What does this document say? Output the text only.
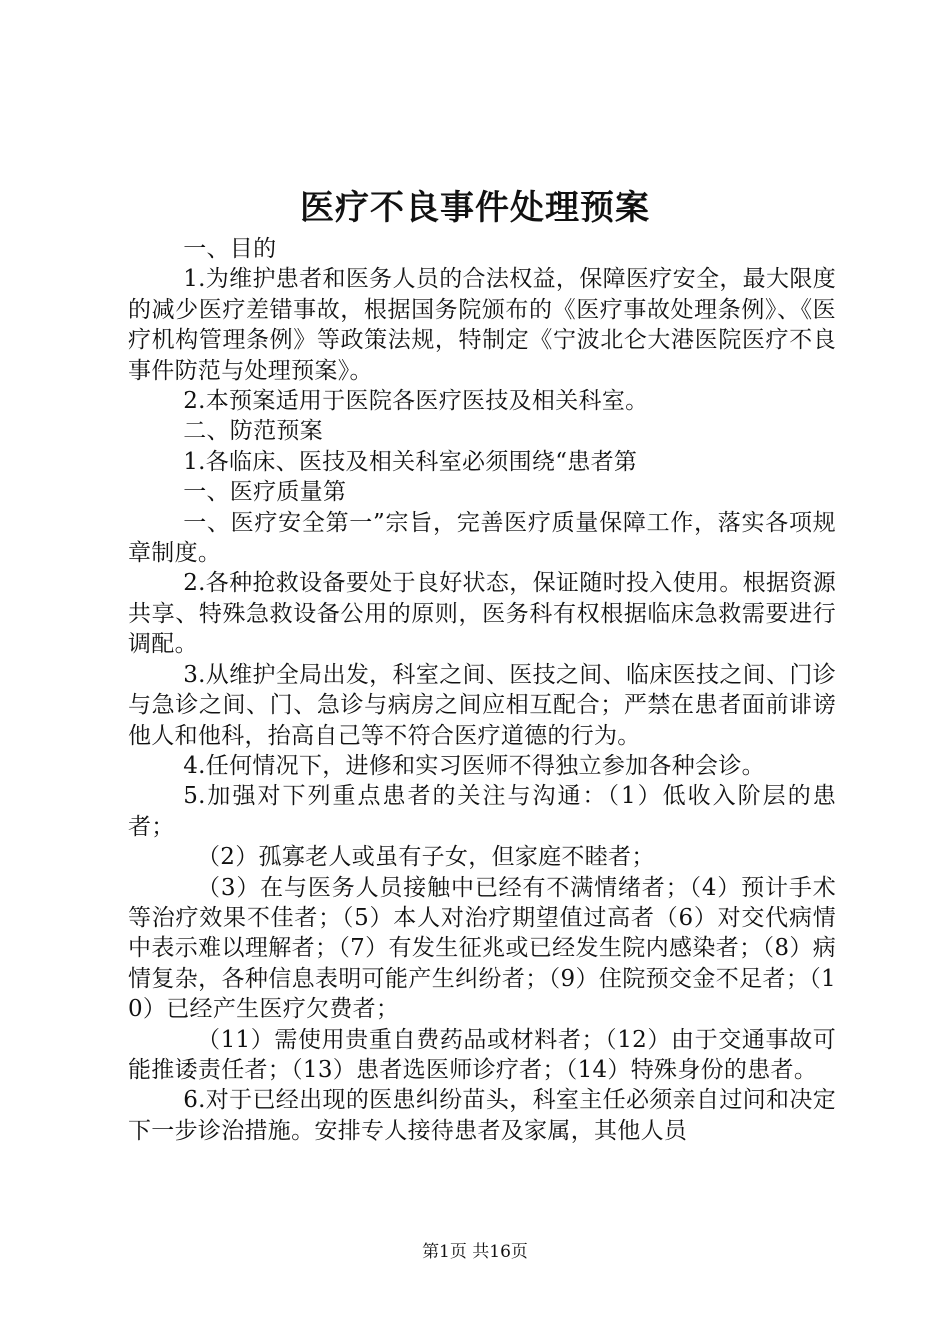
医疗不良事件处理预案

一、目的

1.为维护患者和医务人员的合法权益，保障医疗安全，最大限度的减少医疗差错事故，根据国务院颁布的《医疗事故处理条例》、《医疗机构管理条例》等政策法规，特制定《宁波北仑大港医院医疗不良事件防范与处理预案》。

2.本预案适用于医院各医疗医技及相关科室。

二、防范预案

1.各临床、医技及相关科室必须围绕“患者第

一、医疗质量第

一、医疗安全第一”宗旨，完善医疗质量保障工作，落实各项规章制度。

2.各种抢救设备要处于良好状态，保证随时投入使用。根据资源共享、特殊急救设备公用的原则，医务科有权根据临床急救需要进行调配。

3.从维护全局出发，科室之间、医技之间、临床医技之间、门诊与急诊之间、门、急诊与病房之间应相互配合；严禁在患者面前诽谤他人和他科，抬高自己等不符合医疗道德的行为。

4.任何情况下，进修和实习医师不得独立参加各种会诊。

5.加强对下列重点患者的关注与沟通：（1）低收入阶层的患者；

（2）孤寡老人或虽有子女，但家庭不睦者；

（3）在与医务人员接触中已经有不满情绪者；（4）预计手术等治疗效果不佳者；（5）本人对治疗期望值过高者（6）对交代病情中表示难以理解者；（7）有发生征兆或已经发生院内感染者；（8）病情复杂，各种信息表明可能产生纠纷者；（9）住院预交金不足者；（10）已经产生医疗欠费者；

（11）需使用贵重自费药品或材料者；（12）由于交通事故可能推诿责任者；（13）患者选医师诊疗者；（14）特殊身份的患者。

6.对于已经出现的医患纠纷苗头，科室主任必须亲自过问和决定下一步诊治措施。安排专人接待患者及家属，其他人员

第1页 共16页
